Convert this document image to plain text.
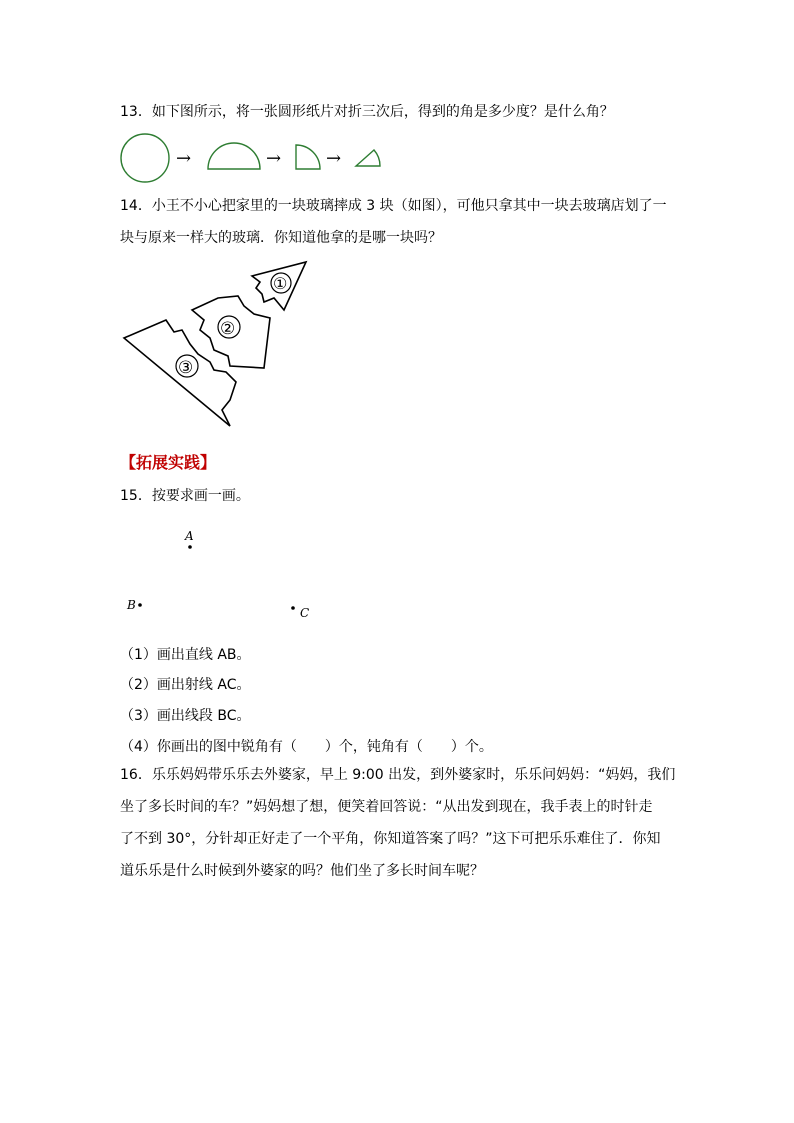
13．如下图所示，将一张圆形纸片对折三次后，得到的角是多少度？是什么角？
→	→ →
14．小王不小心把家里的一块玻璃摔成 3 块（如图），可他只拿其中一块去玻璃店划了一
块与原来一样大的玻璃．你知道他拿的是哪一块吗？
①
②
③
【拓展实践】
15．按要求画一画。
A
B
C
（1）画出直线 AB。
（2）画出射线 AC。
（3）画出线段 BC。
（4）你画出的图中锐角有（　　）个，钝角有（　　）个。
16．乐乐妈妈带乐乐去外婆家，早上 9:00 出发，到外婆家时，乐乐问妈妈：“妈妈，我们
坐了多长时间的车？”妈妈想了想，便笑着回答说：“从出发到现在，我手表上的时针走
了不到 30°，分针却正好走了一个平角，你知道答案了吗？”这下可把乐乐难住了．你知
道乐乐是什么时候到外婆家的吗？他们坐了多长时间车呢？
